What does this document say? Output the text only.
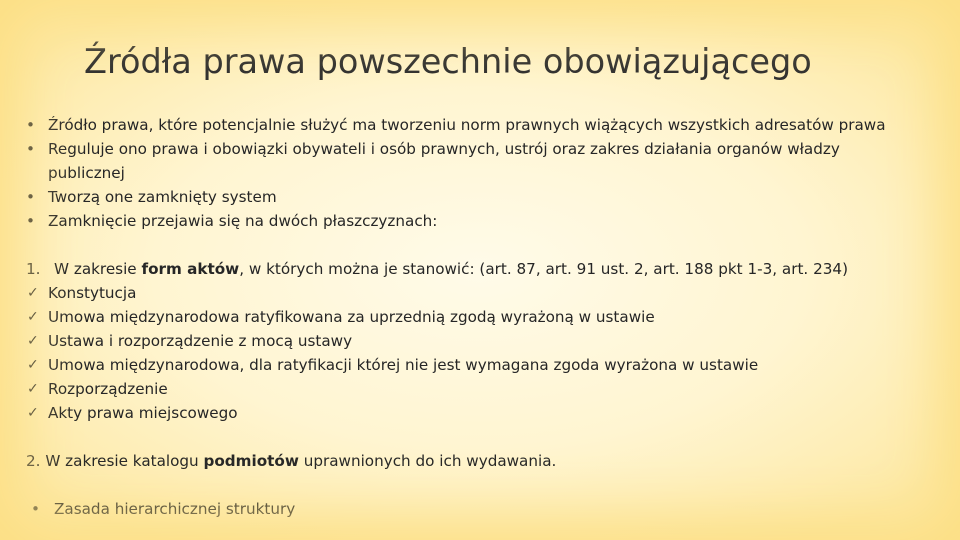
Źródła prawa powszechnie obowiązującego
• Źródło prawa, które potencjalnie służyć ma tworzeniu norm prawnych wiążących wszystkich adresatów prawa
• Reguluje ono prawa i obowiązki obywateli i osób prawnych, ustrój oraz zakres działania organów władzy
publicznej
• Tworzą one zamknięty system
• Zamknięcie przejawia się na dwóch płaszczyznach:
1. W zakresie form aktów, w których można je stanowić: (art. 87, art. 91 ust. 2, art. 188 pkt 1-3, art. 234)
✓ Konstytucja
✓ Umowa międzynarodowa ratyfikowana za uprzednią zgodą wyrażoną w ustawie
✓ Ustawa i rozporządzenie z mocą ustawy
✓ Umowa międzynarodowa, dla ratyfikacji której nie jest wymagana zgoda wyrażona w ustawie
✓ Rozporządzenie
✓ Akty prawa miejscowego
2. W zakresie katalogu podmiotów uprawnionych do ich wydawania.
• Zasada hierarchicznej struktury
